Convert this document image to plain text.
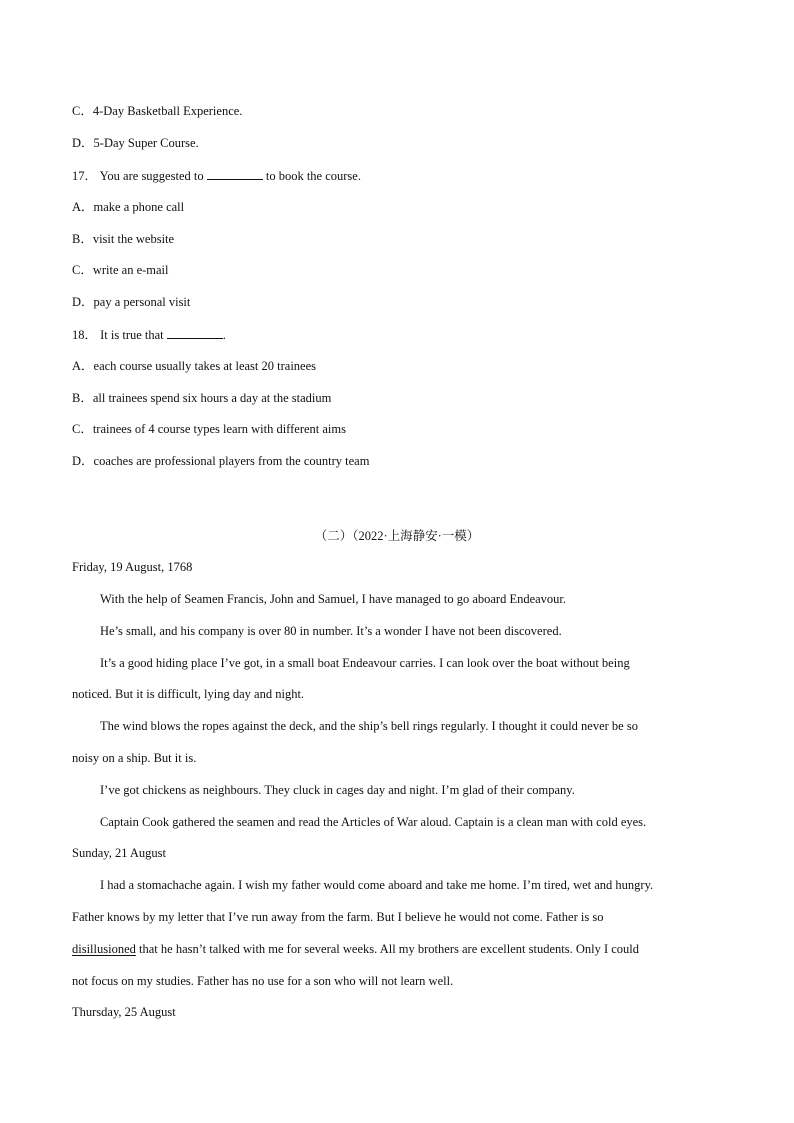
C．4-Day Basketball Experience.
D．5-Day Super Course.
17． You are suggested to	to book the course.
A．make a phone call
B．visit the website
C．write an e-mail
D．pay a personal visit
18． It is true that	.
A．each course usually takes at least 20 trainees
B．all trainees spend six hours a day at the stadium
C．trainees of 4 course types learn with different aims
D．coaches are professional players from the country team
（二）（2022·上海静安·一模）
Friday, 19 August, 1768
With the help of Seamen Francis, John and Samuel, I have managed to go aboard Endeavour.
He’s small, and his company is over 80 in number. It’s a wonder I have not been discovered.
It’s a good hiding place I’ve got, in a small boat Endeavour carries. I can look over the boat without being
noticed. But it is difficult, lying day and night.
The wind blows the ropes against the deck, and the ship’s bell rings regularly. I thought it could never be so
noisy on a ship. But it is.
I’ve got chickens as neighbours. They cluck in cages day and night. I’m glad of their company.
Captain Cook gathered the seamen and read the Articles of War aloud. Captain is a clean man with cold eyes.
Sunday, 21 August
I had a stomachache again. I wish my father would come aboard and take me home. I’m tired, wet and hungry.
Father knows by my letter that I’ve run away from the farm. But I believe he would not come. Father is so
disillusioned that he hasn’t talked with me for several weeks. All my brothers are excellent students. Only I could
not focus on my studies. Father has no use for a son who will not learn well.
Thursday, 25 August
